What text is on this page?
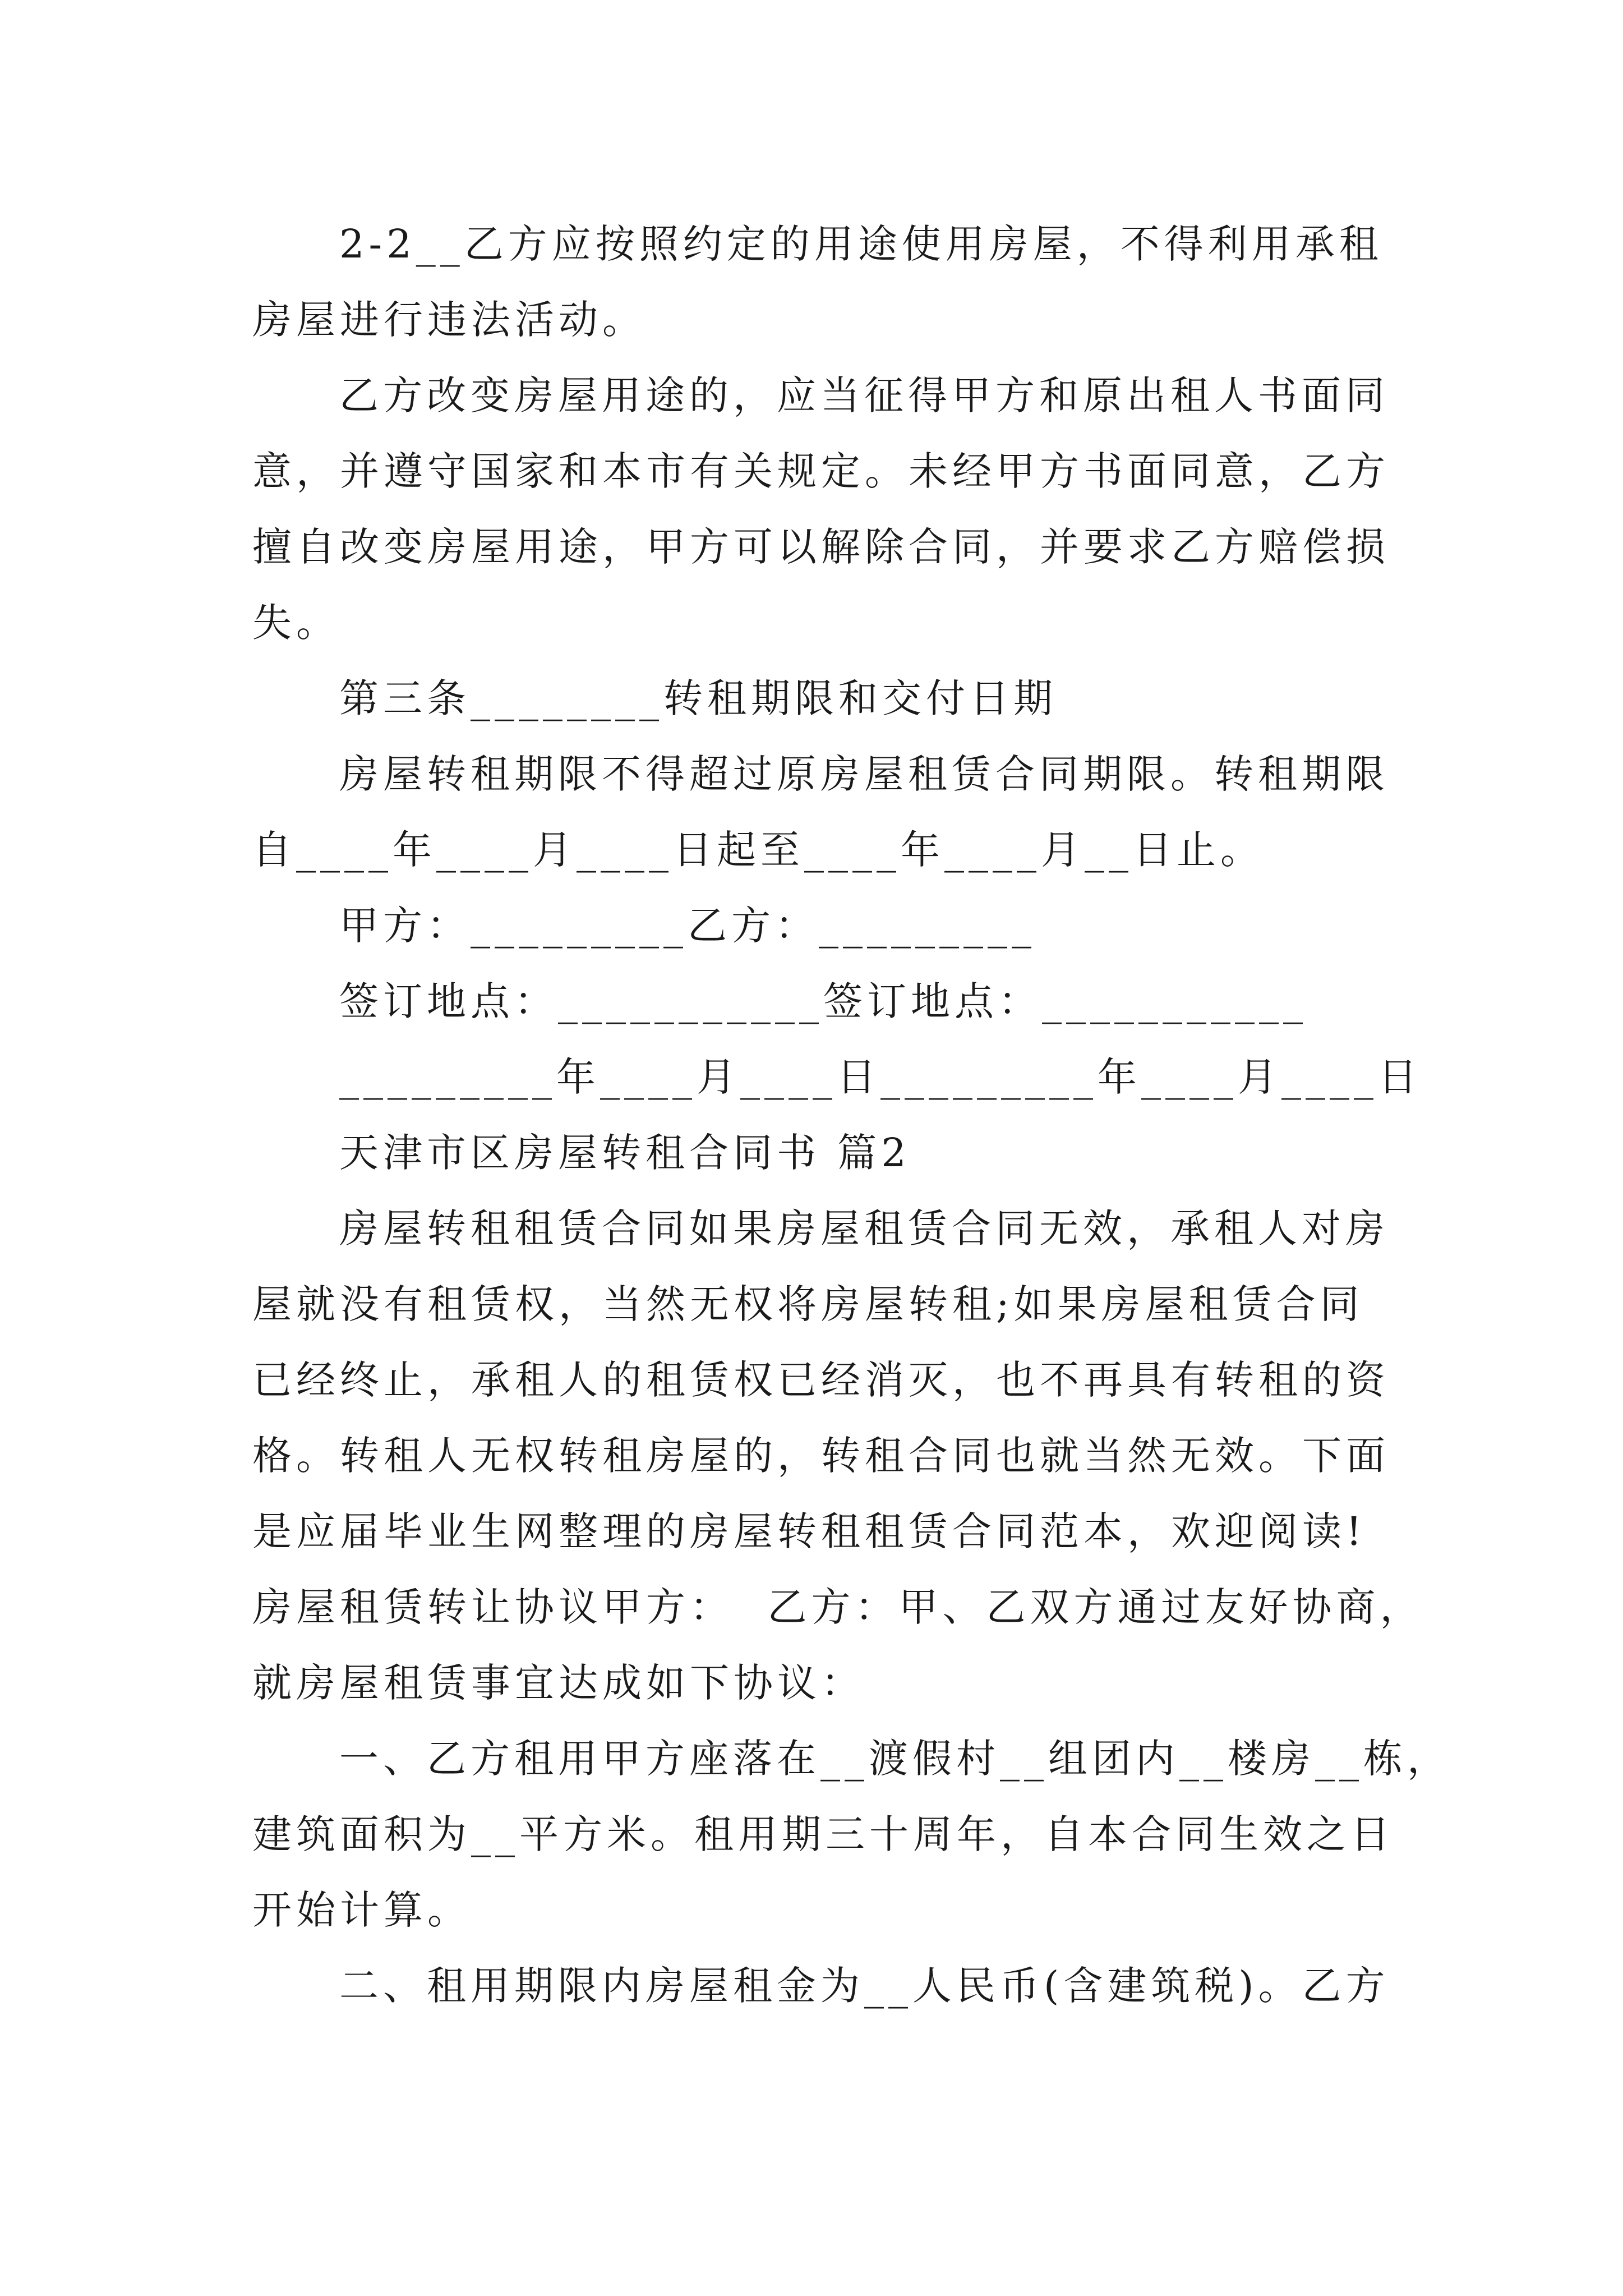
2-2__乙方应按照约定的用途使用房屋，不得利用承租
房屋进行违法活动。
乙方改变房屋用途的，应当征得甲方和原出租人书面同
意，并遵守国家和本市有关规定。未经甲方书面同意，乙方
擅自改变房屋用途，甲方可以解除合同，并要求乙方赔偿损
失。
第三条________转租期限和交付日期
房屋转租期限不得超过原房屋租赁合同期限。转租期限
自____年____月____日起至____年____月__日止。
甲方：_________乙方：_________
签订地点：___________签订地点：___________
_________年____月____日_________年____月____日
天津市区房屋转租合同书 篇2
房屋转租租赁合同如果房屋租赁合同无效，承租人对房
屋就没有租赁权，当然无权将房屋转租;如果房屋租赁合同
已经终止，承租人的租赁权已经消灭，也不再具有转租的资
格。转租人无权转租房屋的，转租合同也就当然无效。下面
是应届毕业生网整理的房屋转租租赁合同范本，欢迎阅读!
房屋租赁转让协议甲方：  乙方：甲、乙双方通过友好协商，
就房屋租赁事宜达成如下协议：
一、乙方租用甲方座落在__渡假村__组团内__楼房__栋，
建筑面积为__平方米。租用期三十周年，自本合同生效之日
开始计算。
二、租用期限内房屋租金为__人民币(含建筑税)。乙方
